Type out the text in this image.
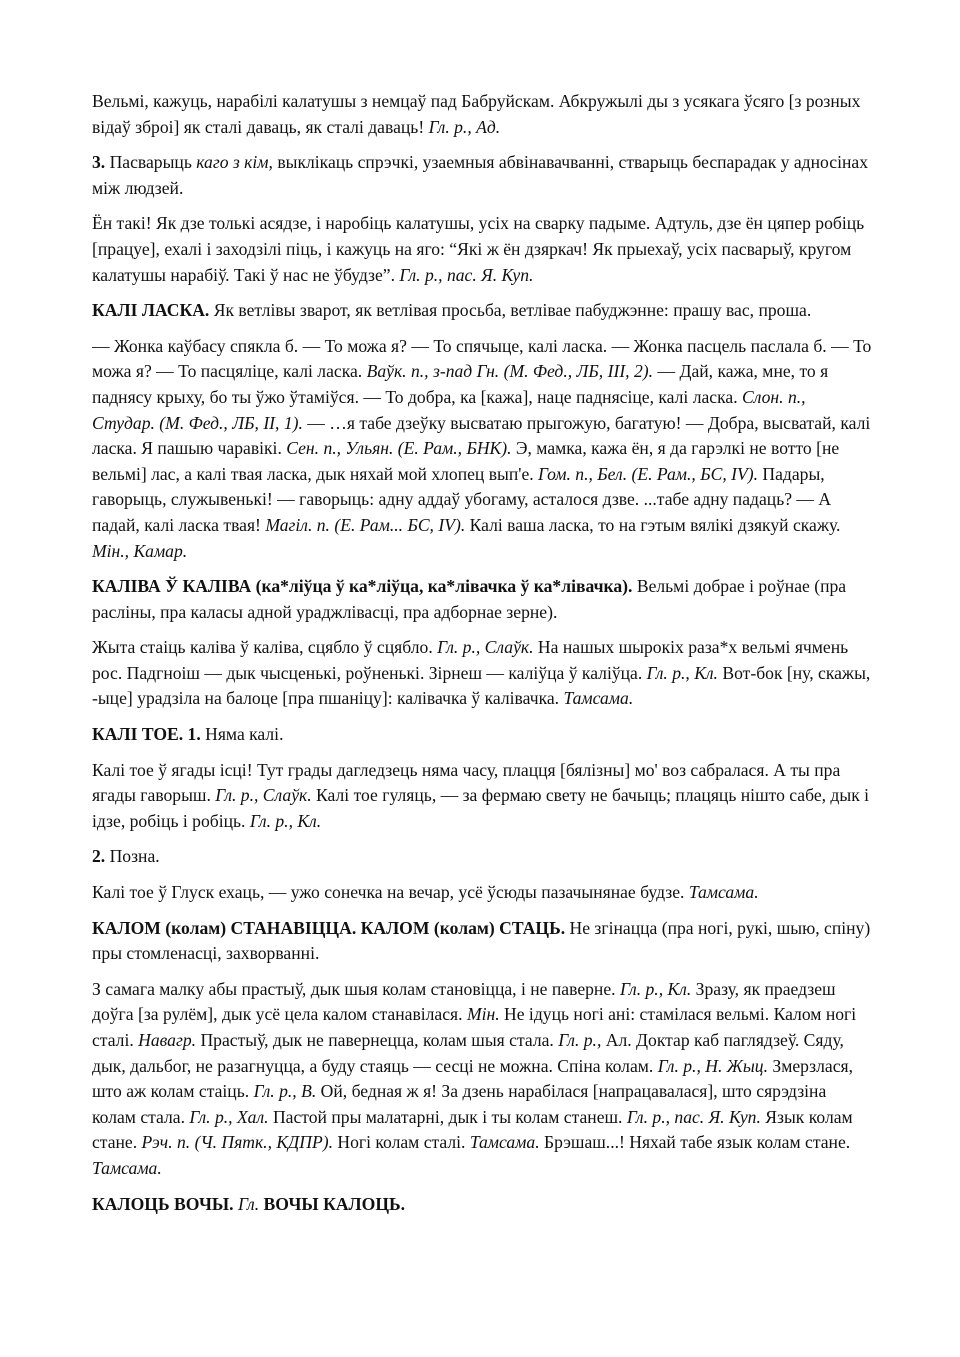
Вельмі, кажуць, нарабілі калатушы з немцаў пад Бабруйскам. Абкружылі ды з усякага ўсяго [з розных відаў зброі] як сталі даваць, як сталі даваць! Гл. р., Ад.

3. Пасварыць каго з кім, выклікаць спрэчкі, узаемныя абвінавачванні, стварыць беспарадак у адносінах між людзей.

Ён такі! Як дзе толькі асядзе, і наробіць калатушы, усіх на сварку падыме. Адтуль, дзе ён цяпер робіць [працуе], ехалі і заходзілі піць, і кажуць на яго: “Які ж ён дзяркач! Як прыехаў, усіх пасварыў, кругом калатушы нарабіў. Такі ў нас не ўбудзе”. Гл. р., пас. Я. Куп.

КАЛІ ЛАСКА. Як ветлівы зварот, як ветлівая просьба, ветлівае пабуджэнне: прашу вас, проша.

— Жонка каўбасу спякла б. — То можа я? — То спячыце, калі ласка. — Жонка пасцель паслала б. — То можа я? — То пасцяліце, калі ласка. Ваўк. п., з-пад Гн. (М. Фед., ЛБ, III, 2). — Дай, кажа, мне, то я паднясу крыху, бо ты ўжо ўтаміўся. — То добра, ка [кажа], наце паднясіце, калі ласка. Слон. п., Студар. (М. Фед., ЛБ, II, 1). — …я табе дзеўку высватаю прыгожую, багатую! — Добра, высватай, калі ласка. Я пашыю чаравікі. Сен. п., Ульян. (Е. Рам., БНК). Э, мамка, кажа ён, я да гарэлкі не вотто [не вельмі] лас, а калі твая ласка, дык няхай мой хлопец вып'е. Гом. п., Бел. (Е. Рам., БС, IV). Падары, гаворыць, служывенькі! — гаворыць: адну аддаў убогаму, асталося дзве. ...табе адну падаць? — А падай, калі ласка твая! Магіл. п. (Е. Рам... БС, IV). Калі ваша ласка, то на гэтым вялікі дзякуй скажу. Мін., Камар.

КАЛІВА Ў КАЛІВА (ка*ліўца ў ка*ліўца, ка*лівачка ў ка*лівачка). Вельмі добрае і роўнае (пра расліны, пра каласы адной ураджлівасці, пра адборнае зерне).

Жыта стаіць каліва ў каліва, сцябло ў сцябло. Гл. р., Слаўк. На нашых шырокіх раза*х вельмі ячмень рос. Падгноіш — дык чысценькі, роўненькі. Зірнеш — каліўца ў каліўца. Гл. р., Кл. Вот-бок [ну, скажы, -ыце] урадзіла на балоце [пра пшаніцу]: калівачка ў калівачка. Тамсама.

КАЛІ ТОЕ. 1. Няма калі.

Калі тое ў ягады ісці! Тут грады дагледзець няма часу, плацця [бялізны] мо' воз сабралася. А ты пра ягады гаворыш. Гл. р., Слаўк. Калі тое гуляць, — за фермаю свету не бачыць; плацяць нішто сабе, дык і ідзе, робіць і робіць. Гл. р., Кл.

2. Позна.

Калі тое ў Глуск ехаць, — ужо сонечка на вечар, усё ўсюды пазачынянае будзе. Тамсама.

КАЛОМ (колам) СТАНАВІЦЦА. КАЛОМ (колам) СТАЦЬ. Не згінацца (пра ногі, рукі, шыю, спіну) пры стомленасці, захворванні.

З самага малку абы прастыў, дык шыя колам становіцца, і не паверне. Гл. р., Кл. Зразу, як праедзеш доўга [за рулём], дык усё цела калом станавілася. Мін. Не ідуць ногі ані: стамілася вельмі. Калом ногі сталі. Навагр. Прастыў, дык не павернецца, колам шыя стала. Гл. р., Ал. Доктар каб паглядзеў. Сяду, дык, дальбог, не разагнуцца, а буду стаяць — сесці не можна. Спіна колам. Гл. р., Н. Жыц. Змерзлася, што аж колам стаіць. Гл. р., В. Ой, бедная ж я! За дзень нарабілася [напрацавалася], што сярэдзіна колам стала. Гл. р., Хал. Пастой пры малатарні, дык і ты колам станеш. Гл. р., пас. Я. Куп. Язык колам стане. Рэч. п. (Ч. Пятк., КДПР). Ногі колам сталі. Тамсама. Брэшаш...! Няхай табе язык колам стане. Тамсама.

КАЛОЦЬ ВОЧЫ. Гл. ВОЧЫ КАЛОЦЬ.
